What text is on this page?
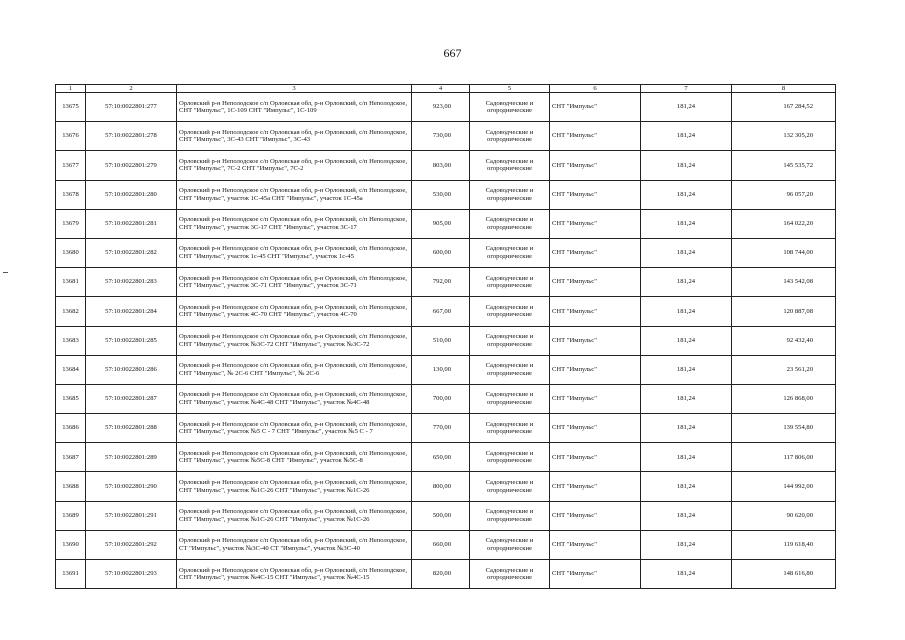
667
1	2	3	4	5	6	7	8
13675	57:10:0022801:277	Орловский р-н Неполодское с/п Орловская обл, р-н Орловский, с/п Неполодское, СНТ "Импульс", 1С-109 СНТ "Импульс", 1С-109	923,00	Садоводческие и огороднические	СНТ "Импульс"	181,24	167 284,52
13676	57:10:0022801:278	Орловский р-н Неполодское с/п Орловская обл, р-н Орловский, с/п Неполодское, СНТ "Импульс", 3С-43 СНТ "Импульс", 3С-43	730,00	Садоводческие и огороднические	СНТ "Импульс"	181,24	132 305,20
13677	57:10:0022801:279	Орловский р-н Неполодское с/п Орловская обл, р-н Орловский, с/п Неполодское, СНТ "Импульс", 7С-2 СНТ "Импульс", 7С-2	803,00	Садоводческие и огороднические	СНТ "Импульс"	181,24	145 535,72
13678	57:10:0022801:280	Орловский р-н Неполодское с/п Орловская обл, р-н Орловский, с/п Неполодское, СНТ "Импульс", участок 1С-45а СНТ "Импульс", участок 1С-45а	530,00	Садоводческие и огороднические	СНТ "Импульс"	181,24	96 057,20
13679	57:10:0022801:281	Орловский р-н Неполодское с/п Орловская обл, р-н Орловский, с/п Неполодское, СНТ "Импульс", участок 3С-17 СНТ "Импульс", участок 3С-17	905,00	Садоводческие и огороднические	СНТ "Импульс"	181,24	164 022,20
13680	57:10:0022801:282	Орловский р-н Неполодское с/п Орловская обл, р-н Орловский, с/п Неполодское, СНТ "Импульс", участок 1с-45 СНТ "Импульс", участок 1с-45	600,00	Садоводческие и огороднические	СНТ "Импульс"	181,24	108 744,00
13681	57:10:0022801:283	Орловский р-н Неполодское с/п Орловская обл, р-н Орловский, с/п Неполодское, СНТ "Импульс", участок 3С-71 СНТ "Импульс", участок 3С-71	792,00	Садоводческие и огороднические	СНТ "Импульс"	181,24	143 542,08
13682	57:10:0022801:284	Орловский р-н Неполодское с/п Орловская обл, р-н Орловский, с/п Неполодское, СНТ "Импульс", участок 4С-70 СНТ "Импульс", участок 4С-70	667,00	Садоводческие и огороднические	СНТ "Импульс"	181,24	120 887,08
13683	57:10:0022801:285	Орловский р-н Неполодское с/п Орловская обл, р-н Орловский, с/п Неполодское, СНТ "Импульс", участок №3С-72 СНТ "Импульс", участок №3С-72	510,00	Садоводческие и огороднические	СНТ "Импульс"	181,24	92 432,40
13684	57:10:0022801:286	Орловский р-н Неполодское с/п Орловская обл, р-н Орловский, с/п Неполодское, СНТ "Импульс", № 2С-6 СНТ "Импульс", № 2С-6	130,00	Садоводческие и огороднические	СНТ "Импульс"	181,24	23 561,20
13685	57:10:0022801:287	Орловский р-н Неполодское с/п Орловская обл, р-н Орловский, с/п Неполодское, СНТ "Импульс", участок №4С-48 СНТ "Импульс", участок №4С-48	700,00	Садоводческие и огороднические	СНТ "Импульс"	181,24	126 868,00
13686	57:10:0022801:288	Орловский р-н Неполодское с/п Орловская обл, р-н Орловский, с/п Неполодское, СНТ "Импульс", участок №5 С - 7 СНТ "Импульс", участок №5 С - 7	770,00	Садоводческие и огороднические	СНТ "Импульс"	181,24	139 554,80
13687	57:10:0022801:289	Орловский р-н Неполодское с/п Орловская обл, р-н Орловский, с/п Неполодское, СНТ "Импульс", участок №5С-8 СНТ "Импульс", участок №5С-8	650,00	Садоводческие и огороднические	СНТ "Импульс"	181,24	117 806,00
13688	57:10:0022801:290	Орловский р-н Неполодское с/п Орловская обл, р-н Орловский, с/п Неполодское, СНТ "Импульс", участок №1С-26 СНТ "Импульс", участок №1С-26	800,00	Садоводческие и огороднические	СНТ "Импульс"	181,24	144 992,00
13689	57:10:0022801:291	Орловский р-н Неполодское с/п Орловская обл, р-н Орловский, с/п Неполодское, СНТ "Импульс", участок №1С-26 СНТ "Импульс", участок №1С-26	500,00	Садоводческие и огороднические	СНТ "Импульс"	181,24	90 620,00
13690	57:10:0022801:292	Орловский р-н Неполодское с/п Орловская обл, р-н Орловский, с/п Неполодское, СТ "Импульс", участок №3С-40 СТ "Импульс", участок №3С-40	660,00	Садоводческие и огороднические	СНТ "Импульс"	181,24	119 618,40
13691	57:10:0022801:293	Орловский р-н Неполодское с/п Орловская обл, р-н Орловский, с/п Неполодское, СНТ "Импульс", участок №4С-15 СНТ "Импульс", участок №4С-15	820,00	Садоводческие и огороднические	СНТ "Импульс"	181,24	148 616,80
